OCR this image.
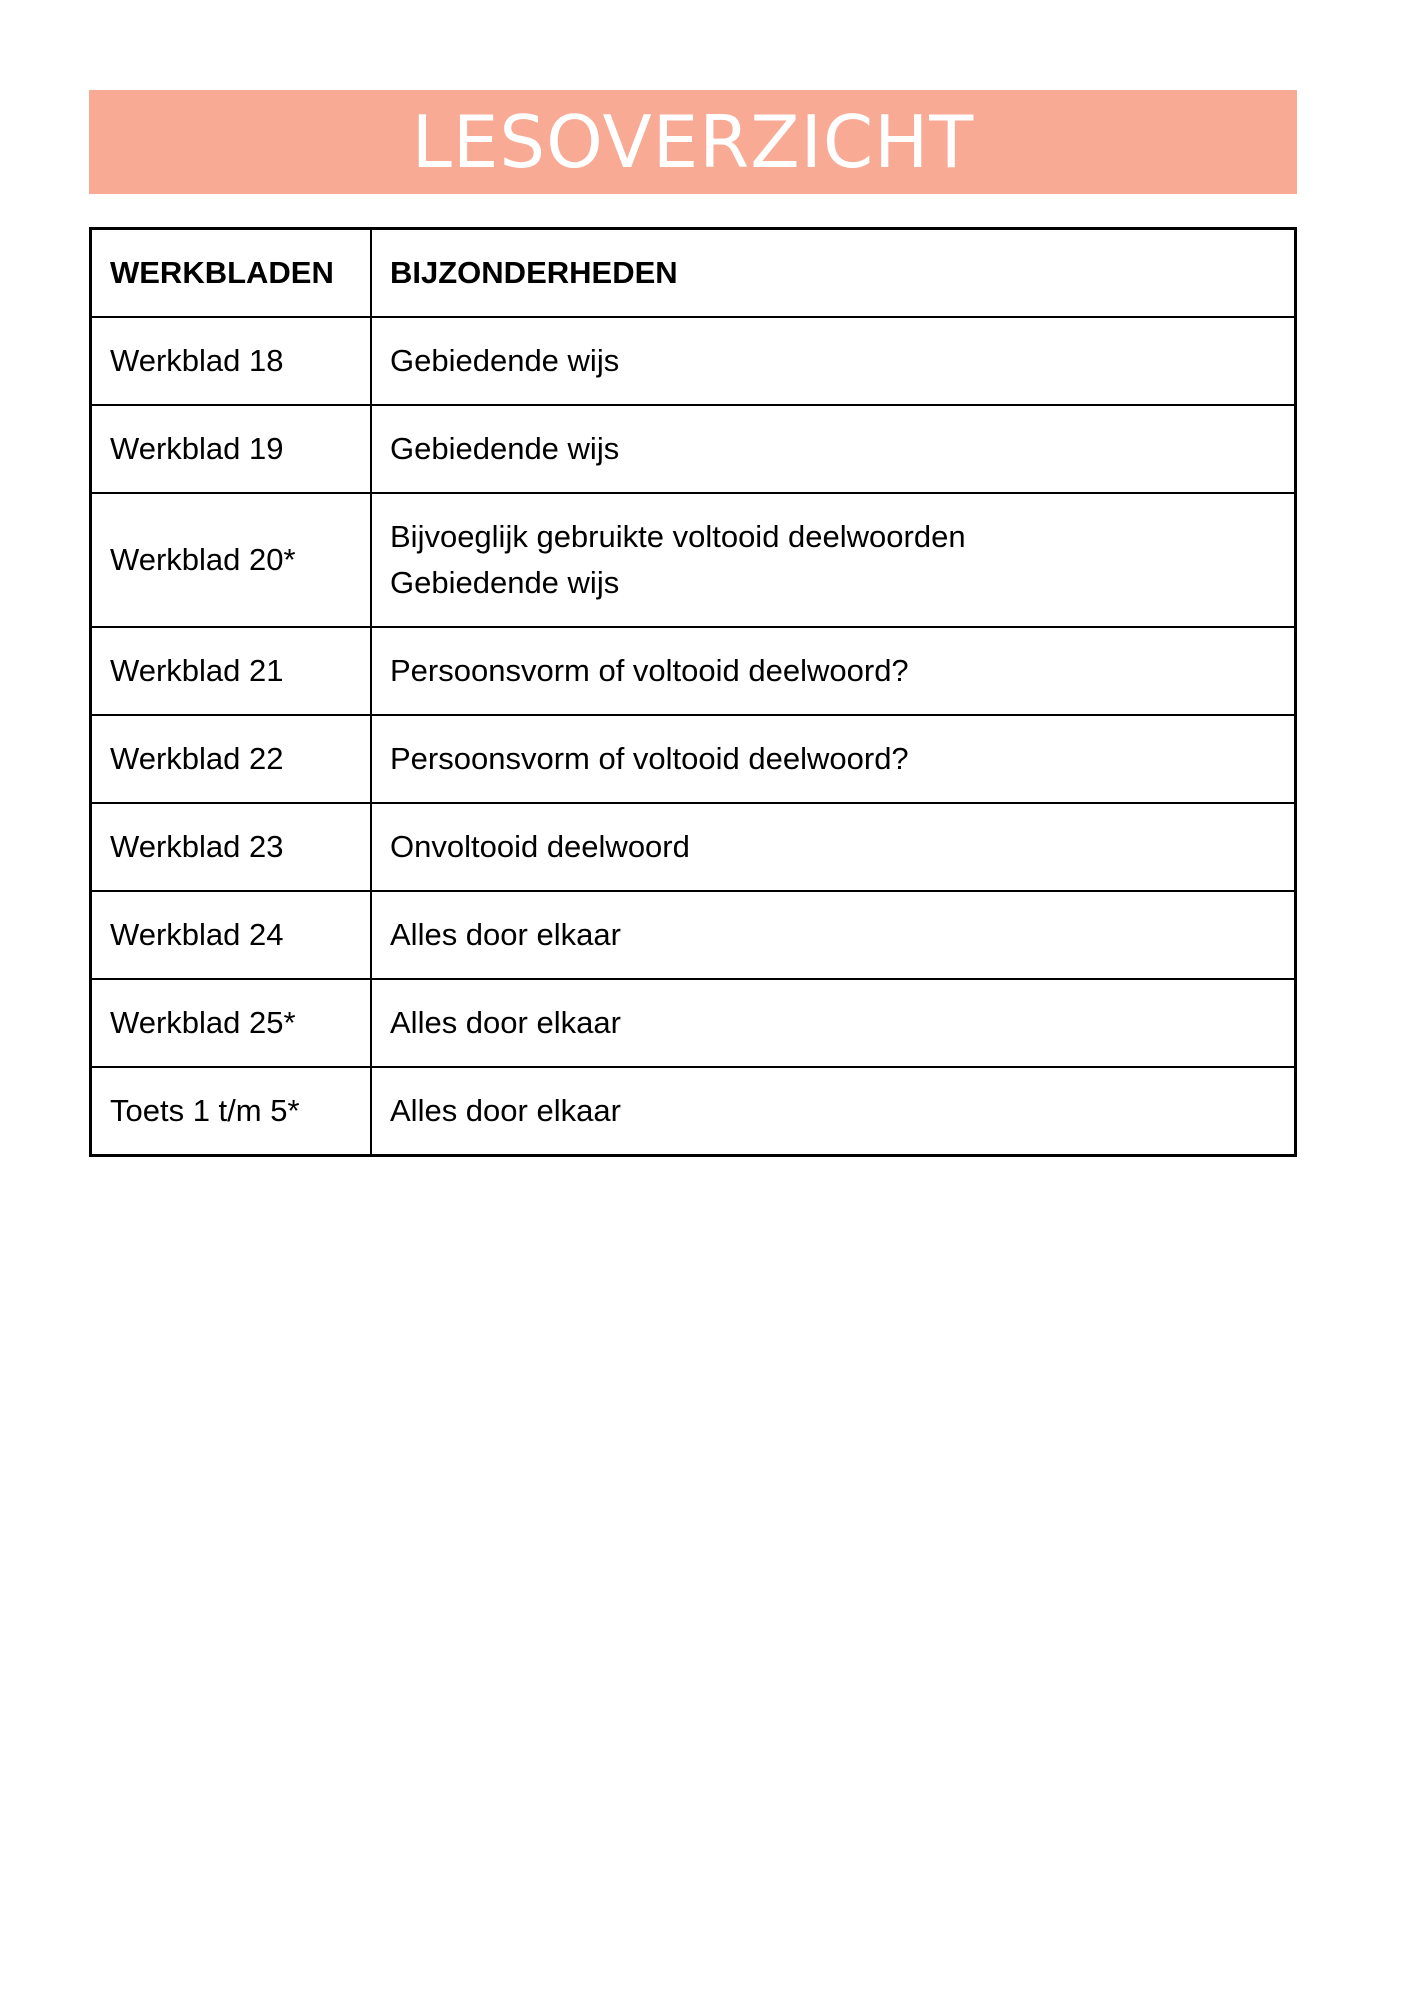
LESOVERZICHT
WERKBLADEN	BIJZONDERHEDEN
Werkblad 18	Gebiedende wijs

Werkblad 19	Gebiedende wijs

Werkblad 20*	Bijvoeglijk gebruikte voltooid deelwoorden
Gebiedende wijs

Werkblad 21	Persoonsvorm of voltooid deelwoord?

Werkblad 22	Persoonsvorm of voltooid deelwoord?

Werkblad 23	Onvoltooid deelwoord

Werkblad 24	Alles door elkaar

Werkblad 25*	Alles door elkaar

Toets 1 t/m 5*	Alles door elkaar
